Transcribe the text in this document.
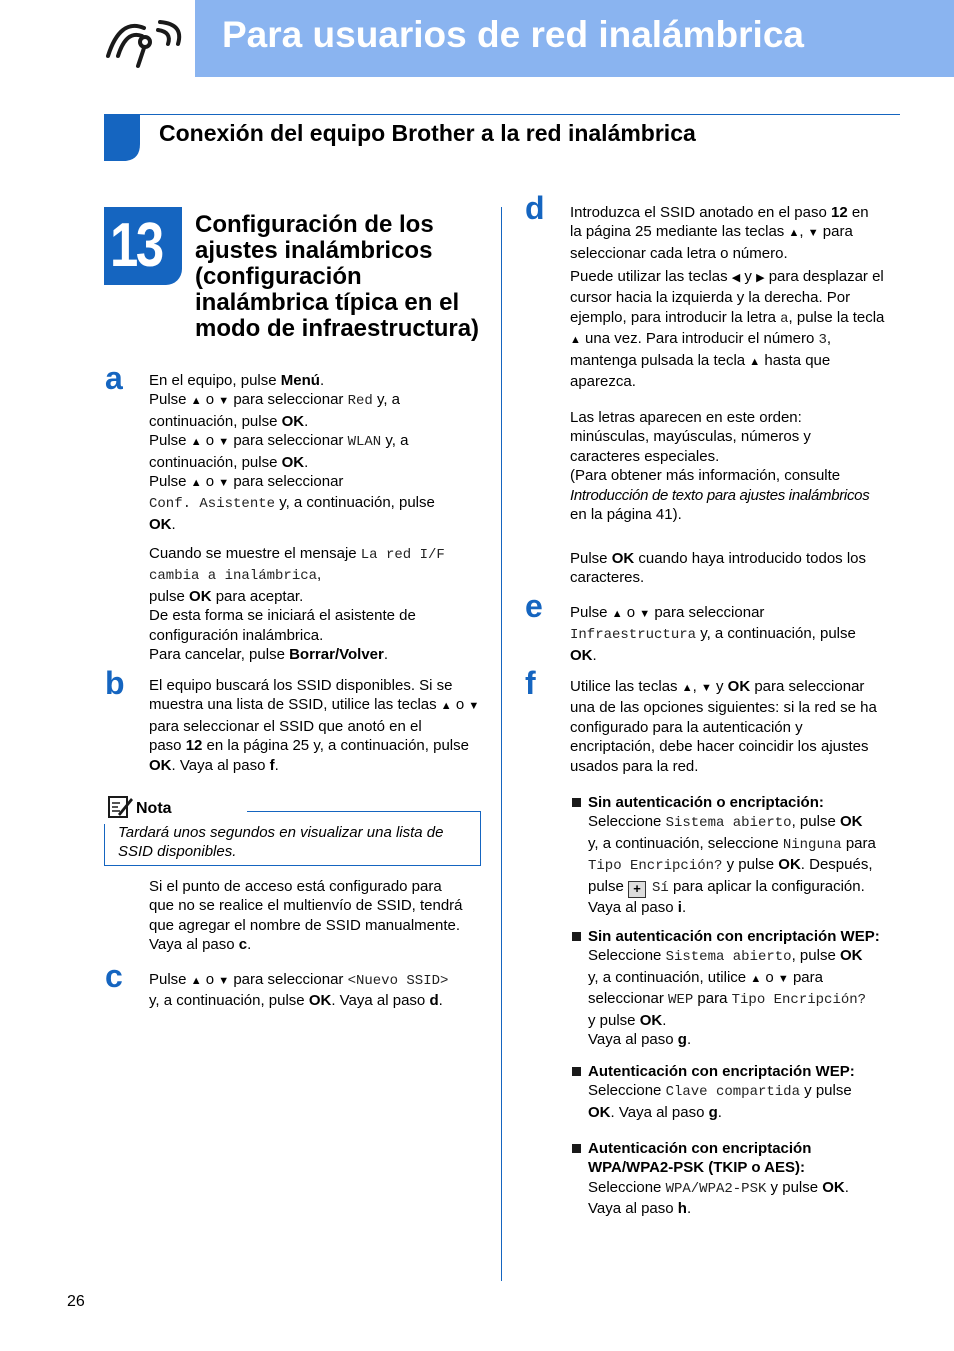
Para usuarios de red inalámbrica
Conexión del equipo Brother a la red inalámbrica
13 Configuración de los
ajustes inalámbricos
(configuración
inalámbrica típica en el
modo de infraestructura)
a En el equipo, pulse Menú.
Pulse ▲ o ▼ para seleccionar Red y, a
continuación, pulse OK.
Pulse ▲ o ▼ para seleccionar WLAN y, a
continuación, pulse OK.
Pulse ▲ o ▼ para seleccionar
Conf. Asistente y, a continuación, pulse
OK.
Cuando se muestre el mensaje La red I/F
cambia a inalámbrica,
pulse OK para aceptar.
De esta forma se iniciará el asistente de
configuración inalámbrica.
Para cancelar, pulse Borrar/Volver.
b El equipo buscará los SSID disponibles. Si se
muestra una lista de SSID, utilice las teclas ▲ o ▼
para seleccionar el SSID que anotó en el
paso 12 en la página 25 y, a continuación, pulse
OK. Vaya al paso f.
Nota
Tardará unos segundos en visualizar una lista de
SSID disponibles.
Si el punto de acceso está configurado para
que no se realice el multienvío de SSID, tendrá
que agregar el nombre de SSID manualmente.
Vaya al paso c.
c Pulse ▲ o ▼ para seleccionar <Nuevo SSID>
y, a continuación, pulse OK. Vaya al paso d.
d Introduzca el SSID anotado en el paso 12 en
la página 25 mediante las teclas ▲, ▼ para
seleccionar cada letra o número.
Puede utilizar las teclas ◀ y ▶ para desplazar el
cursor hacia la izquierda y la derecha. Por
ejemplo, para introducir la letra a, pulse la tecla
▲ una vez. Para introducir el número 3,
mantenga pulsada la tecla ▲ hasta que
aparezca.
Las letras aparecen en este orden:
minúsculas, mayúsculas, números y
caracteres especiales.
(Para obtener más información, consulte
Introducción de texto para ajustes inalámbricos
en la página 41).
Pulse OK cuando haya introducido todos los
caracteres.
e Pulse ▲ o ▼ para seleccionar
Infraestructura y, a continuación, pulse
OK.
f Utilice las teclas ▲, ▼ y OK para seleccionar
una de las opciones siguientes: si la red se ha
configurado para la autenticación y
encriptación, debe hacer coincidir los ajustes
usados para la red.
Sin autenticación o encriptación:
Seleccione Sistema abierto, pulse OK
y, a continuación, seleccione Ninguna para
Tipo Encripción? y pulse OK. Después,
pulse + Sí para aplicar la configuración.
Vaya al paso i.
Sin autenticación con encriptación WEP:
Seleccione Sistema abierto, pulse OK
y, a continuación, utilice ▲ o ▼ para
seleccionar WEP para Tipo Encripción?
y pulse OK.
Vaya al paso g.
Autenticación con encriptación WEP:
Seleccione Clave compartida y pulse
OK. Vaya al paso g.
Autenticación con encriptación
WPA/WPA2-PSK (TKIP o AES):
Seleccione WPA/WPA2-PSK y pulse OK.
Vaya al paso h.
26
